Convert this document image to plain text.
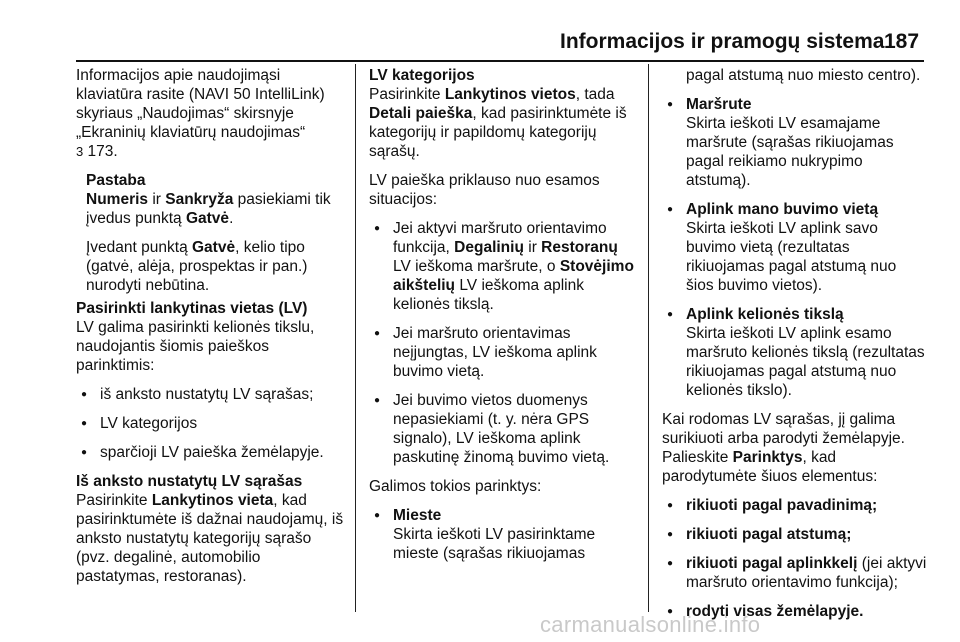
Informacijos ir pramogų sistema 187

Informacijos apie naudojimąsi klaviatūra rasite (NAVI 50 IntelliLink) skyriaus „Naudojimas“ skirsnyje „Ekraninių klaviatūrų naudojimas“
3 173.

Pastaba

Numeris ir Sankryža pasiekiami tik įvedus punktą Gatvė.

Įvedant punktą Gatvė, kelio tipo (gatvė, alėja, prospektas ir pan.) nurodyti nebūtina.

Pasirinkti lankytinas vietas (LV)

LV galima pasirinkti kelionės tikslu, naudojantis šiomis paieškos parinktimis:

● iš anksto nustatytų LV sąrašas;

● LV kategorijos

● sparčioji LV paieška žemėlapyje.

Iš anksto nustatytų LV sąrašas

Pasirinkite Lankytinos vieta, kad pasirinktumėte iš dažnai naudojamų, iš anksto nustatytų kategorijų sąrašo (pvz. degalinė, automobilio pastatymas, restoranas).

LV kategorijos

Pasirinkite Lankytinos vietos, tada Detali paieška, kad pasirinktumėte iš kategorijų ir papildomų kategorijų sąrašų.

LV paieška priklauso nuo esamos situacijos:

● Jei aktyvi maršruto orientavimo funkcija, Degalinių ir Restoranų LV ieškoma maršrute, o Stovėjimo aikštelių LV ieškoma aplink kelionės tikslą.

● Jei maršruto orientavimas neįjungtas, LV ieškoma aplink buvimo vietą.

● Jei buvimo vietos duomenys nepasiekiami (t. y. nėra GPS signalo), LV ieškoma aplink paskutinę žinomą buvimo vietą.

Galimos tokios parinktys:

● Mieste

Skirta ieškoti LV pasirinktame mieste (sąrašas rikiuojamas

pagal atstumą nuo miesto centro).

● Maršrute

Skirta ieškoti LV esamajame maršrute (sąrašas rikiuojamas pagal reikiamo nukrypimo atstumą).

● Aplink mano buvimo vietą

Skirta ieškoti LV aplink savo buvimo vietą (rezultatas rikiuojamas pagal atstumą nuo šios buvimo vietos).

● Aplink kelionės tikslą

Skirta ieškoti LV aplink esamo maršruto kelionės tikslą (rezultatas rikiuojamas pagal atstumą nuo kelionės tikslo).

Kai rodomas LV sąrašas, jį galima surikiuoti arba parodyti žemėlapyje. Palieskite Parinktys, kad parodytumėte šiuos elementus:

● rikiuoti pagal pavadinimą;

● rikiuoti pagal atstumą;

● rikiuoti pagal aplinkkelį (jei aktyvi maršruto orientavimo funkcija);

● rodyti visas žemėlapyje.

carmanualsonline.info
